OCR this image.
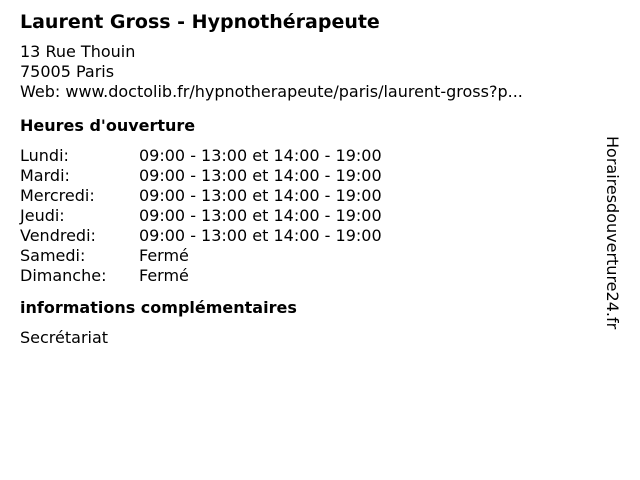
Laurent Gross - Hypnothérapeute
13 Rue Thouin
75005 Paris
Web: www.doctolib.fr/hypnotherapeute/paris/laurent-gross?p...
Heures d'ouverture
Lundi:	09:00 - 13:00 et 14:00 - 19:00
Mardi:	09:00 - 13:00 et 14:00 - 19:00
Mercredi:	09:00 - 13:00 et 14:00 - 19:00
Jeudi:	09:00 - 13:00 et 14:00 - 19:00
Vendredi:	09:00 - 13:00 et 14:00 - 19:00
Samedi:	Fermé
Dimanche:	Fermé
informations complémentaires
Secrétariat
Horairesdouverture24.fr
